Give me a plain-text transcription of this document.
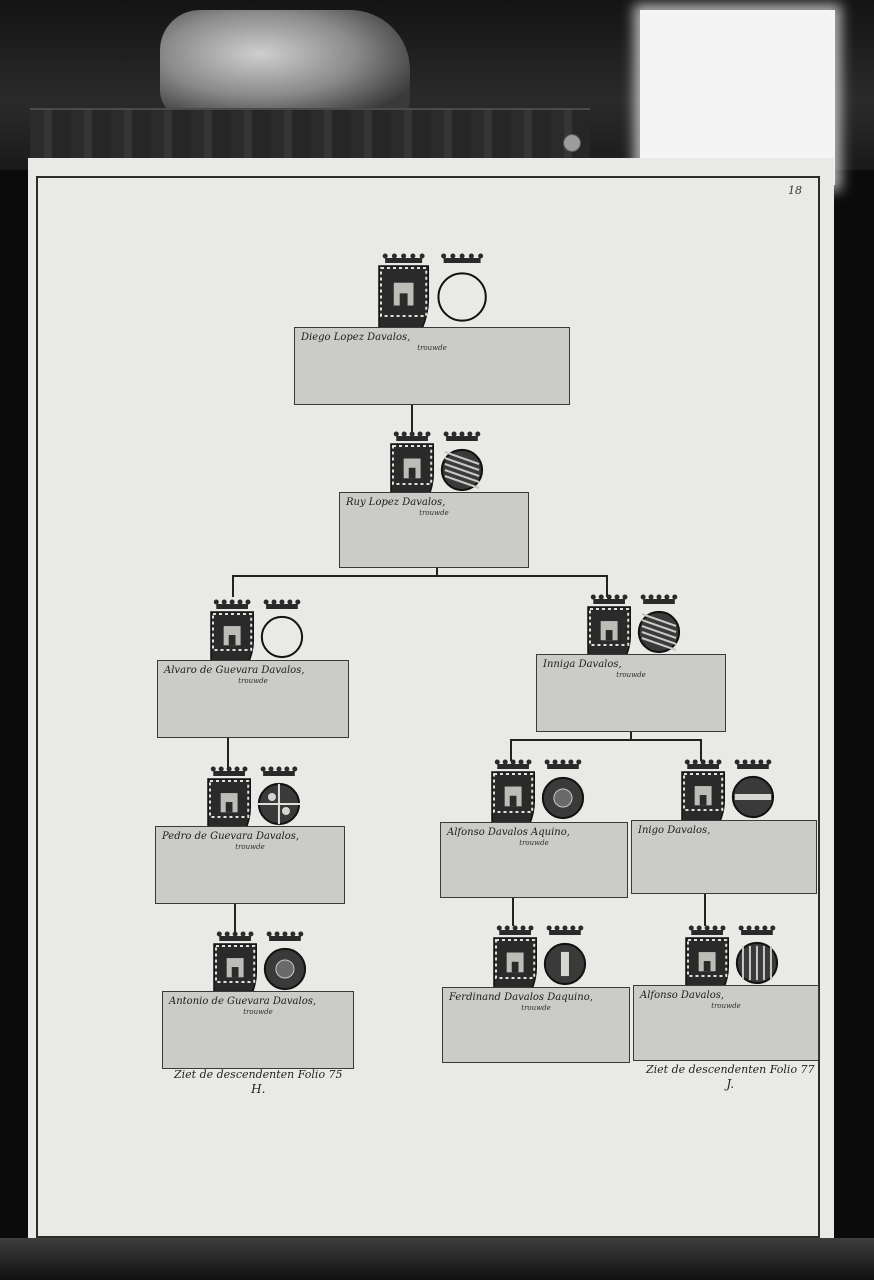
18
Diego Lopez Davalos,
trouwde
Ruy Lopez Davalos,
trouwde
Alvaro de Guevara Davalos,
trouwde
Inniga Davalos,
trouwde
Pedro de Guevara Davalos,
trouwde
Alfonso Davalos Aquino,
trouwde
Inigo Davalos,
Antonio de Guevara Davalos,
trouwde
Ferdinand Davalos Daquino,
trouwde
Alfonso Davalos,
trouwde
Ziet de descendenten Folio 75
H.
Ziet de descendenten Folio 77
J.
